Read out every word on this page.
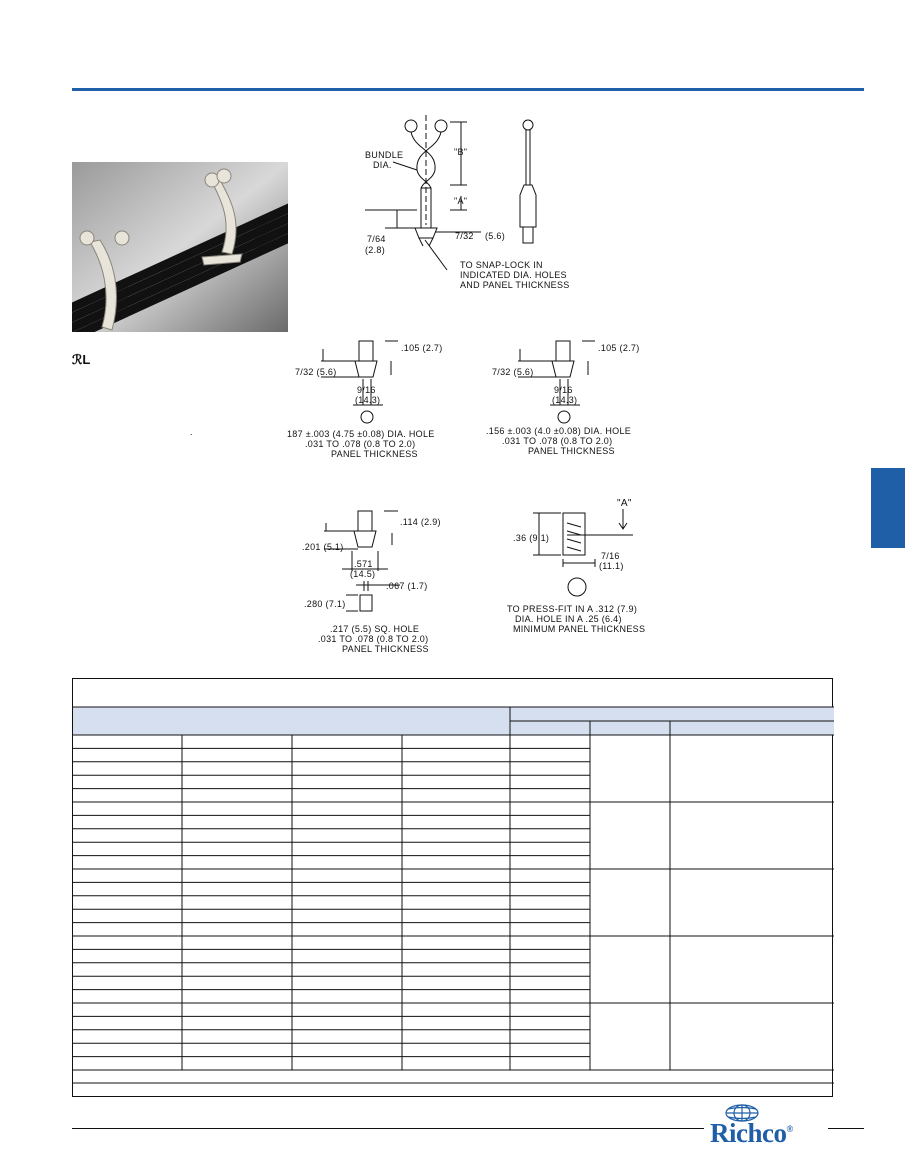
ℛL
.
BUNDLE
DIA.
"B"
"A"
7/64
(2.8)
7/32 (5.6)
TO SNAP-LOCK IN
INDICATED DIA. HOLES
AND PANEL THICKNESS
.105 (2.7)
7/32 (5.6)
9/16
(14.3)
187 ±.003 (4.75 ±0.08) DIA. HOLE
.031 TO .078 (0.8 TO 2.0)
PANEL THICKNESS
.105 (2.7)
7/32 (5.6)
9/16
(14.3)
.156 ±.003 (4.0 ±0.08) DIA. HOLE
.031 TO .078 (0.8 TO 2.0)
PANEL THICKNESS
.114 (2.9)
.201 (5.1)
.571
(14.5)
.067 (1.7)
.280 (7.1)
.217 (5.5) SQ. HOLE
.031 TO .078 (0.8 TO 2.0)
PANEL THICKNESS
"A"
.36 (9.1)
7/16
(11.1)
TO PRESS-FIT IN A .312 (7.9)
DIA. HOLE IN A .25 (6.4)
MINIMUM PANEL THICKNESS
Richco®
